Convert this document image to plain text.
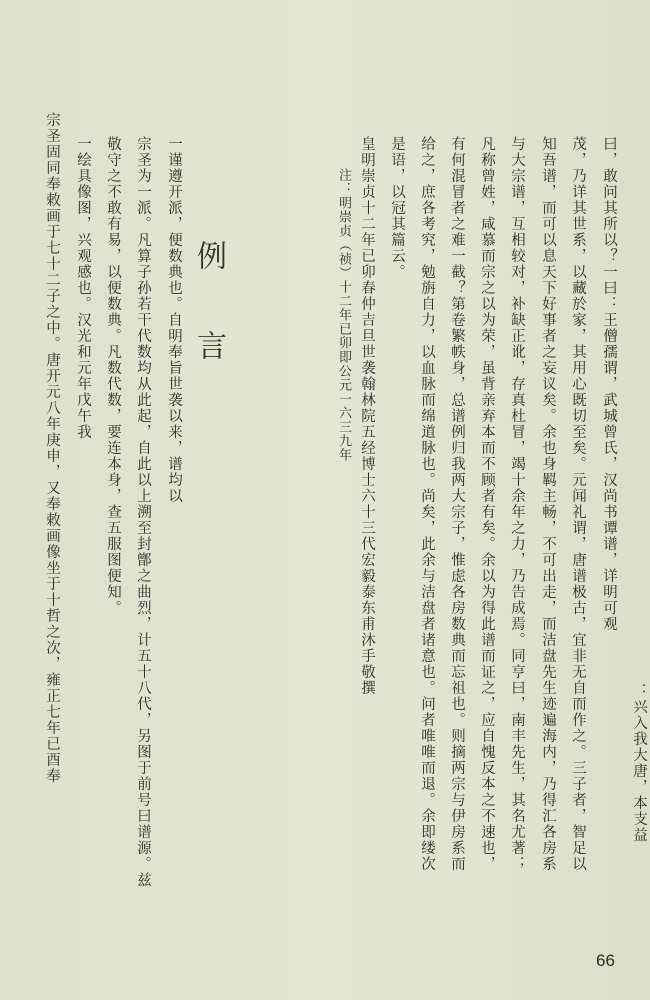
曰，敢问其所以？一曰：王僧孺谓，武城曾氏，汉尚书谭谱，详明可观

茂，乃详其世系，以藏於家，其用心既切至矣。元闻礼谓，唐谱极古，宜非无自而作之。三子者，智足以

知吾谱，而可以息天下好事者之妄议矣。余也身羁主畅，不可出走，而洁盘先生迹遍海内，乃得汇各房系

与大宗谱，互相较对，补缺正讹，存真杜冒，竭十余年之力，乃告成焉。同亨曰，南丰先生，其名尤著；

凡称曾姓，咸慕而宗之以为荣，虽背亲弃本而不顾者有矣。余以为得此谱而证之，应自愧反本之不速也，

有何混冒者之难一截？第卷繁帙身，总谱例归我两大宗子，惟虑各房数典而忘祖也。则摘两宗与伊房系而

给之，庶各考究，勉旃自力，以血脉而绵道脉也。尚矣，此余与洁盘者诸意也。问者唯唯而退。余即缕次

是语，以冠其篇云。

皇明崇贞十二年已卯春仲吉旦世袭翰林院五经博士六十三代宏毅泰东甫沐手敬撰

注：明崇贞（祯）十二年已卯即公元一六三九年

：兴入我大唐，本支益

例言

一谨遵开派，便数典也。自明奉旨世袭以来，谱均以

宗圣为一派。凡算子孙若干代数均从此起，自此以上溯至封鄫之曲烈，计五十八代，另图于前号曰谱源。兹

敬守之不敢有易，以便数典。凡数代数，要连本身，查五服图便知。

一绘具像图，兴观感也。汉光和元年戊午我

宗圣固同奉敕画于七十二子之中。唐开元八年庚申，又奉敕画像坐于十哲之次，雍正七年已酉奉

66
